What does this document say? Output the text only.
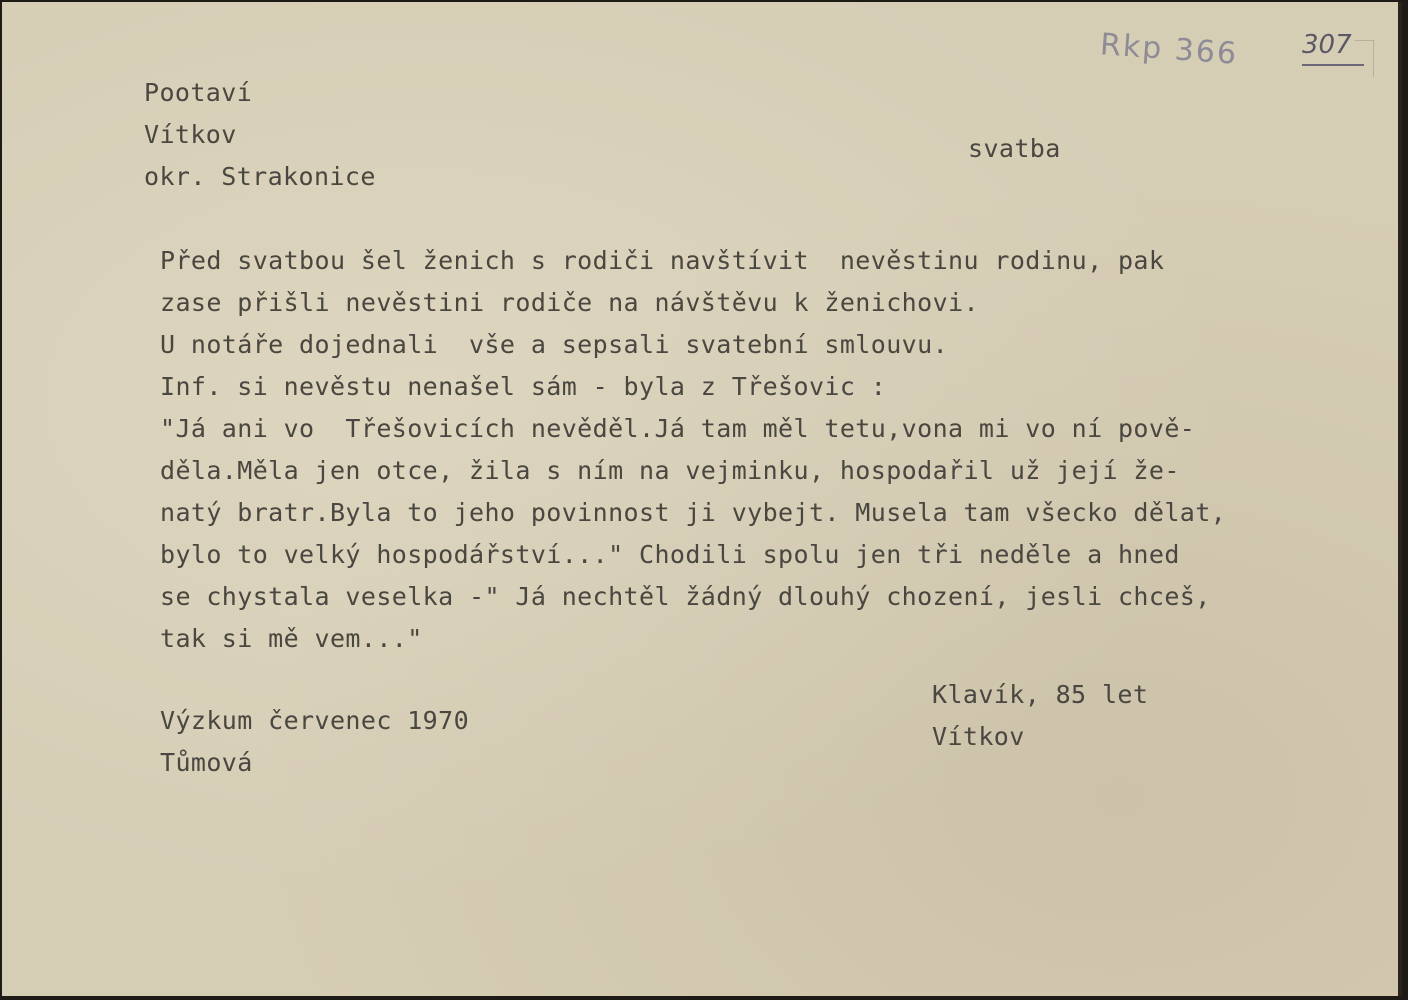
Rkp 366 307

Pootaví

Vítkov

okr. Strakonice

svatba

Před svatbou šel ženich s rodiči navštívit  nevěstinu rodinu, pak

zase přišli nevěstini rodiče na návštěvu k ženichovi.

U notáře dojednali  vše a sepsali svatební smlouvu.

Inf. si nevěstu nenašel sám - byla z Třešovic :

"Já ani vo  Třešovicích nevěděl.Já tam měl tetu,vona mi vo ní pově-

děla.Měla jen otce, žila s ním na vejminku, hospodařil už její že-

natý bratr.Byla to jeho povinnost ji vybejt. Musela tam všecko dělat,

bylo to velký hospodářství..." Chodili spolu jen tři neděle a hned

se chystala veselka -" Já nechtěl žádný dlouhý chození, jesli chceš,

tak si mě vem..."

Klavík, 85 let

Vítkov

Výzkum červenec 1970

Tůmová
